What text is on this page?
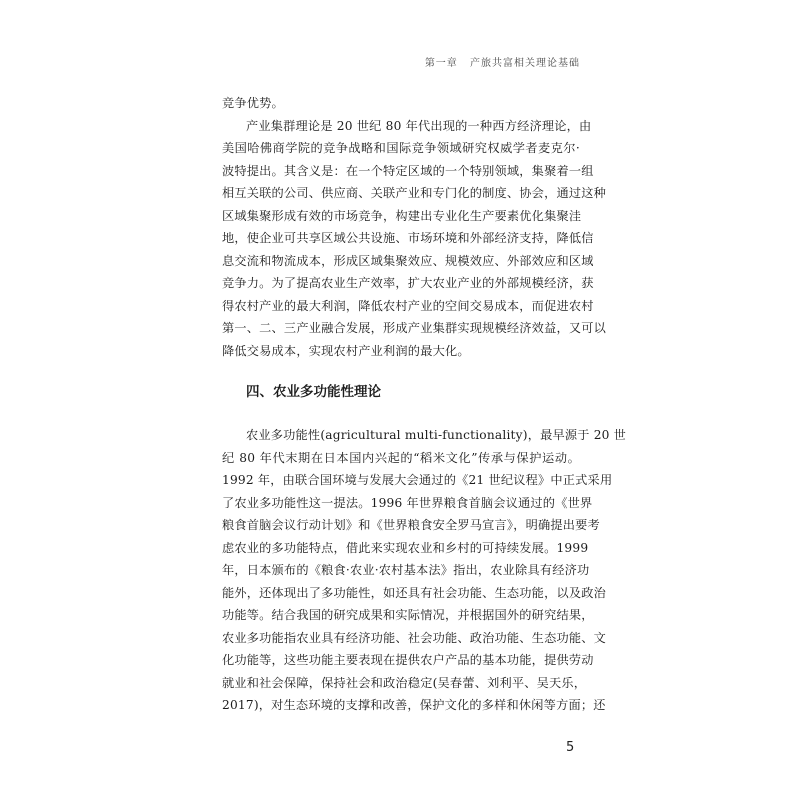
第一章 产旅共富相关理论基础
竞争优势。
产业集群理论是 20 世纪 80 年代出现的一种西方经济理论，由
美国哈佛商学院的竞争战略和国际竞争领域研究权威学者麦克尔·
波特提出。其含义是：在一个特定区域的一个特别领域，集聚着一组
相互关联的公司、供应商、关联产业和专门化的制度、协会，通过这种
区域集聚形成有效的市场竞争，构建出专业化生产要素优化集聚洼
地，使企业可共享区域公共设施、市场环境和外部经济支持，降低信
息交流和物流成本，形成区域集聚效应、规模效应、外部效应和区域
竞争力。为了提高农业生产效率，扩大农业产业的外部规模经济，获
得农村产业的最大利润，降低农村产业的空间交易成本，而促进农村
第一、二、三产业融合发展，形成产业集群实现规模经济效益，又可以
降低交易成本，实现农村产业利润的最大化。
四、农业多功能性理论
农业多功能性(agricultural multi-functionality)，最早源于 20 世
纪 80 年代末期在日本国内兴起的“稻米文化”传承与保护运动。
1992 年，由联合国环境与发展大会通过的《21 世纪议程》中正式采用
了农业多功能性这一提法。1996 年世界粮食首脑会议通过的《世界
粮食首脑会议行动计划》和《世界粮食安全罗马宣言》，明确提出要考
虑农业的多功能特点，借此来实现农业和乡村的可持续发展。1999
年，日本颁布的《粮食·农业·农村基本法》指出，农业除具有经济功
能外，还体现出了多功能性，如还具有社会功能、生态功能，以及政治
功能等。结合我国的研究成果和实际情况，并根据国外的研究结果，
农业多功能指农业具有经济功能、社会功能、政治功能、生态功能、文
化功能等，这些功能主要表现在提供农户产品的基本功能，提供劳动
就业和社会保障，保持社会和政治稳定(吴春蕾、刘利平、吴天乐，
2017)，对生态环境的支撑和改善，保护文化的多样和休闲等方面；还
5
